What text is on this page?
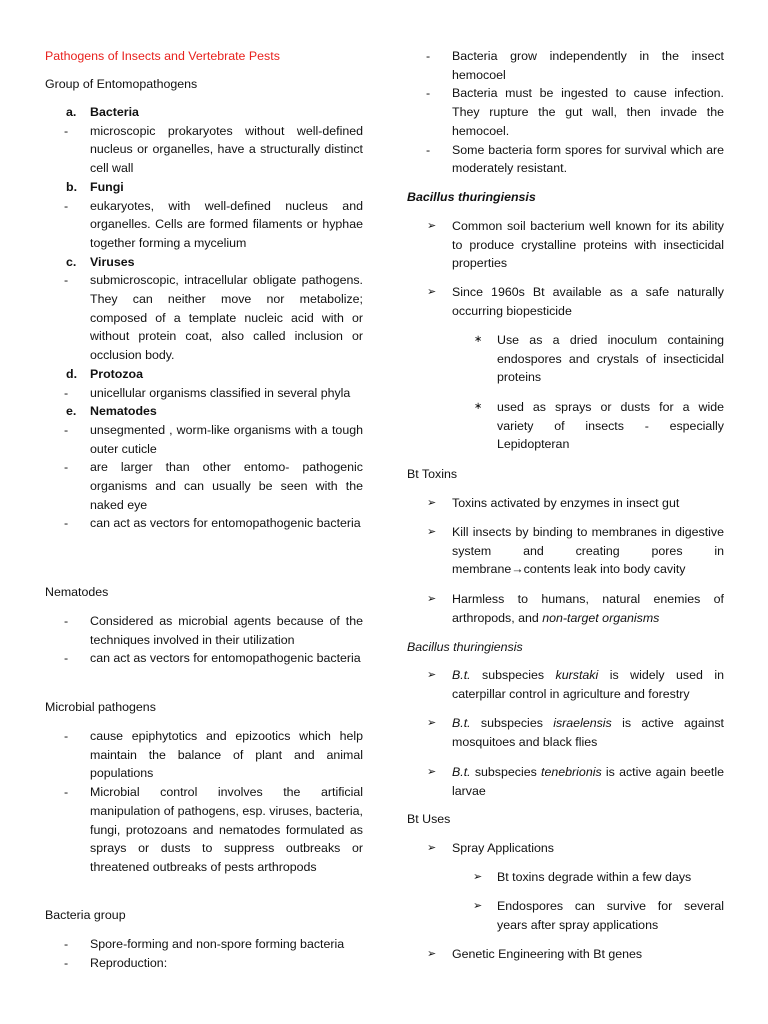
Pathogens of Insects and Vertebrate Pests
Group of Entomopathogens
a. Bacteria
- microscopic prokaryotes without well-defined nucleus or organelles, have a structurally distinct cell wall
b. Fungi
- eukaryotes, with well-defined nucleus and organelles. Cells are formed filaments or hyphae together forming a mycelium
c. Viruses
- submicroscopic, intracellular obligate pathogens. They can neither move nor metabolize; composed of a template nucleic acid with or without protein coat, also called inclusion or occlusion body.
d. Protozoa
- unicellular organisms classified in several phyla
e. Nematodes
- unsegmented , worm-like organisms with a tough outer cuticle
- are larger than other entomo- pathogenic organisms and can usually be seen with the naked eye
- can act as vectors for entomopathogenic bacteria
Nematodes
- Considered as microbial agents because of the techniques involved in their utilization
- can act as vectors for entomopathogenic bacteria
Microbial pathogens
- cause epiphytotics and epizootics which help maintain the balance of plant and animal populations
- Microbial control involves the artificial manipulation of pathogens, esp. viruses, bacteria, fungi, protozoans and nematodes formulated as sprays or dusts to suppress outbreaks or threatened outbreaks of pests arthropods
Bacteria group
- Spore-forming and non-spore forming bacteria
- Reproduction:
- Bacteria grow independently in the insect hemocoel
- Bacteria must be ingested to cause infection. They rupture the gut wall, then invade the hemocoel.
- Some bacteria form spores for survival which are moderately resistant.
Bacillus thuringiensis
➢ Common soil bacterium well known for its ability to produce crystalline proteins with insecticidal properties
➢ Since 1960s Bt available as a safe naturally occurring biopesticide
∗ Use as a dried inoculum containing endospores and crystals of insecticidal proteins
∗ used as sprays or dusts for a wide variety of insects - especially Lepidopteran
Bt Toxins
➢ Toxins activated by enzymes in insect gut
➢ Kill insects by binding to membranes in digestive system and creating pores in membrane→contents leak into body cavity
➢ Harmless to humans, natural enemies of arthropods, and non-target organisms
Bacillus thuringiensis
➢ B.t. subspecies kurstaki is widely used in caterpillar control in agriculture and forestry
➢ B.t. subspecies israelensis is active against mosquitoes and black flies
➢ B.t. subspecies tenebrionis is active again beetle larvae
Bt Uses
➢ Spray Applications
➢ Bt toxins degrade within a few days
➢ Endospores can survive for several years after spray applications
➢ Genetic Engineering with Bt genes
